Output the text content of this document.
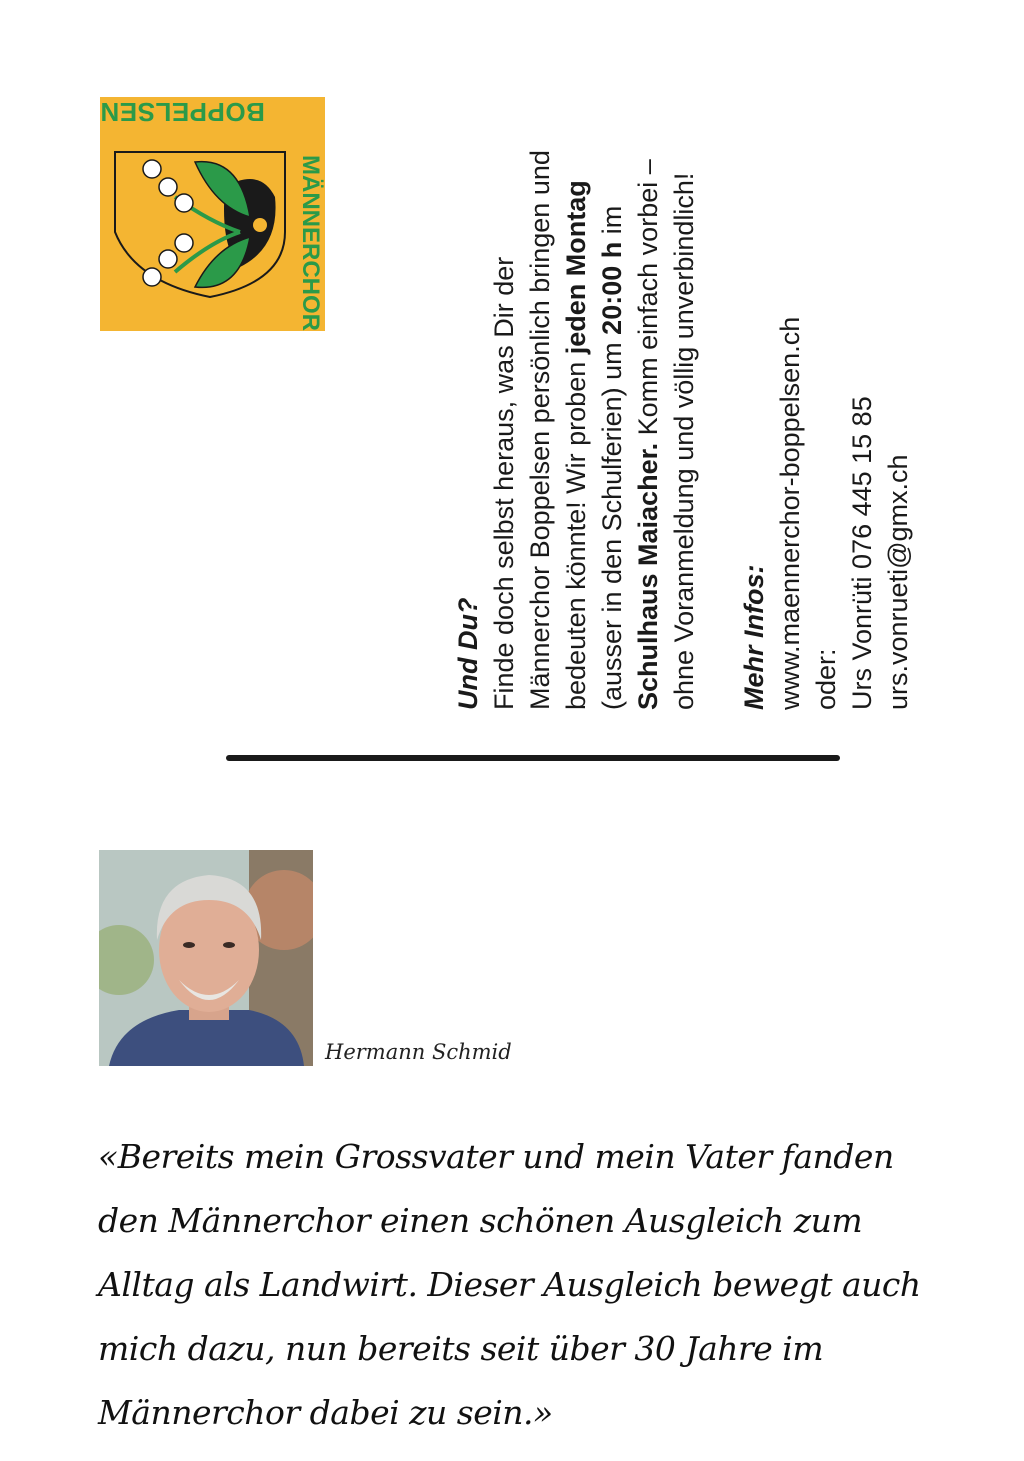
MÄNNERCHOR
BOPPELSEN

Und Du? Finde doch selbst heraus, was Dir der Männerchor Boppelsen persönlich bringen und bedeuten könnte! Wir proben jeden Montag (ausser in den Schulferien) um 20:00 h im Schulhaus Maiacher. Komm einfach vorbei – ohne Voranmeldung und völlig unverbindlich! Mehr Infos: www.maennerchor-boppelsen.ch oder: Urs Vonrüti 076 445 15 85 urs.vonrueti@gmx.ch

Hermann Schmid
«Bereits mein Grossvater und mein Vater fanden den Männerchor einen schönen Ausgleich zum Alltag als Landwirt. Dieser Ausgleich bewegt auch mich dazu, nun bereits seit über 30 Jahre im Männerchor dabei zu sein.»
